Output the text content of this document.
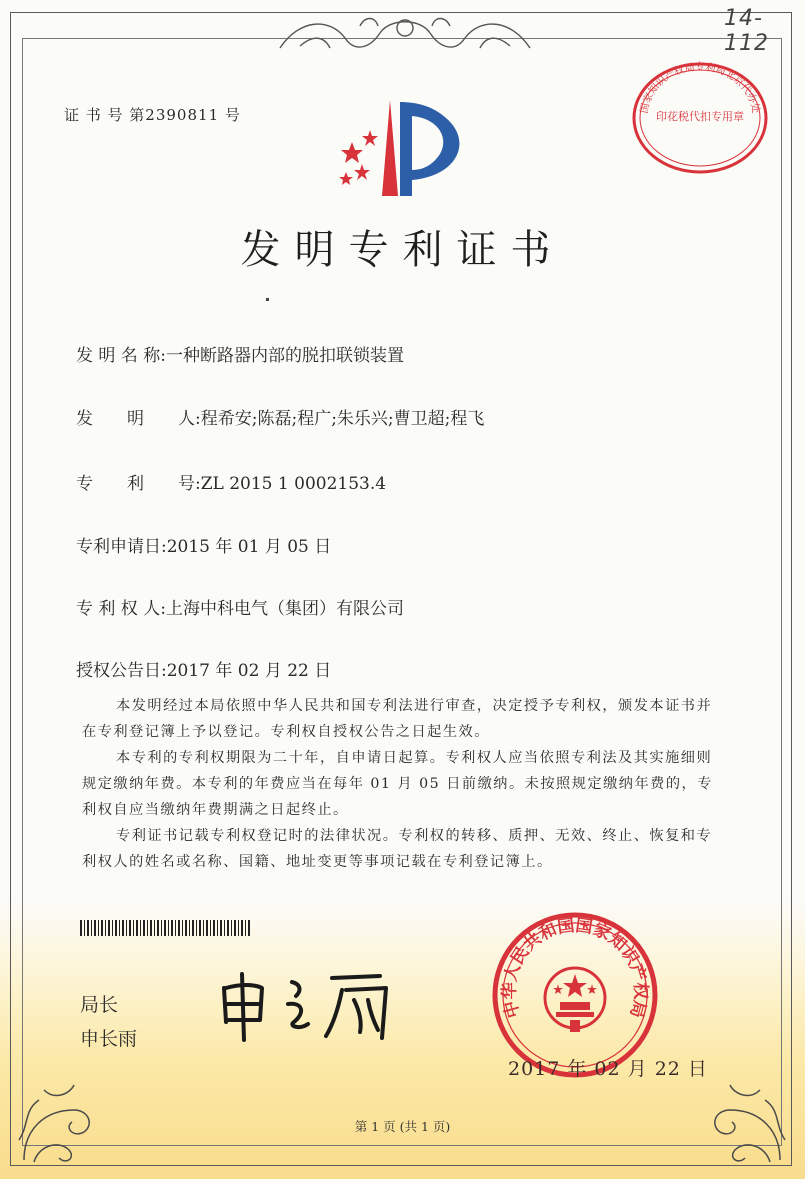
14-112
证 书 号 第2390811 号
发明专利证书
发 明 名 称:一种断路器内部的脱扣联锁装置
发　　明　　人:程希安;陈磊;程广;朱乐兴;曹卫超;程飞
专　　利　　号:ZL 2015 1 0002153.4
专利申请日:2015 年 01 月 05 日
专 利 权 人:上海中科电气（集团）有限公司
授权公告日:2017 年 02 月 22 日

本发明经过本局依照中华人民共和国专利法进行审查，决定授予专利权，颁发本证书并在专利登记簿上予以登记。专利权自授权公告之日起生效。

本专利的专利权期限为二十年，自申请日起算。专利权人应当依照专利法及其实施细则规定缴纳年费。本专利的年费应当在每年 01 月 05 日前缴纳。未按照规定缴纳年费的，专利权自应当缴纳年费期满之日起终止。

专利证书记载专利权登记时的法律状况。专利权的转移、质押、无效、终止、恢复和专利权人的姓名或名称、国籍、地址变更等事项记载在专利登记簿上。

局长
申长雨
国家知识产权局专利局北京代办处
印花税代扣专用章
中华人民共和国国家知识产权局
2017 年 02 月 22 日
第 1 页 (共 1 页)
